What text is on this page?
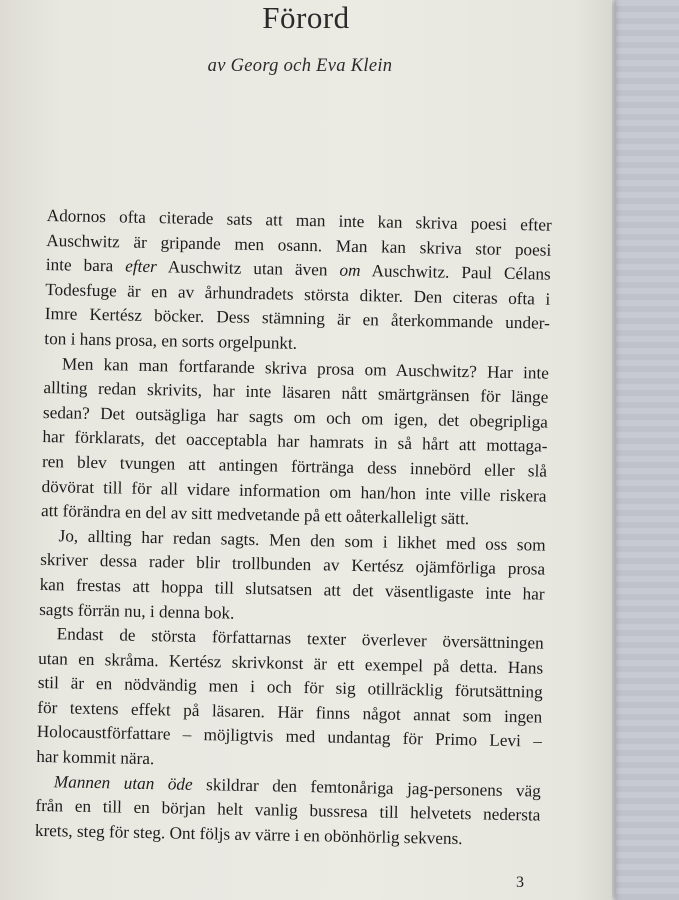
Förord

av Georg och Eva Klein

Adornos ofta citerade sats att man inte kan skriva poesi efter
Auschwitz är gripande men osann. Man kan skriva stor poesi
inte bara efter Auschwitz utan även om Auschwitz. Paul Célans
Todesfuge är en av århundradets största dikter. Den citeras ofta i
Imre Kertész böcker. Dess stämning är en återkommande under-
ton i hans prosa, en sorts orgelpunkt.
Men kan man fortfarande skriva prosa om Auschwitz? Har inte
allting redan skrivits, har inte läsaren nått smärtgränsen för länge
sedan? Det outsägliga har sagts om och om igen, det obegripliga
har förklarats, det oacceptabla har hamrats in så hårt att mottaga-
ren blev tvungen att antingen förtränga dess innebörd eller slå
dövörat till för all vidare information om han/hon inte ville riskera
att förändra en del av sitt medvetande på ett oåterkalleligt sätt.
Jo, allting har redan sagts. Men den som i likhet med oss som
skriver dessa rader blir trollbunden av Kertész ojämförliga prosa
kan frestas att hoppa till slutsatsen att det väsentligaste inte har
sagts förrän nu, i denna bok.
Endast de största författarnas texter överlever översättningen
utan en skråma. Kertész skrivkonst är ett exempel på detta. Hans
stil är en nödvändig men i och för sig otillräcklig förutsättning
för textens effekt på läsaren. Här finns något annat som ingen
Holocaustförfattare – möjligtvis med undantag för Primo Levi –
har kommit nära.
Mannen utan öde skildrar den femtonåriga jag-personens väg
från en till en början helt vanlig bussresa till helvetets nedersta
krets, steg för steg. Ont följs av värre i en obönhörlig sekvens.

3
